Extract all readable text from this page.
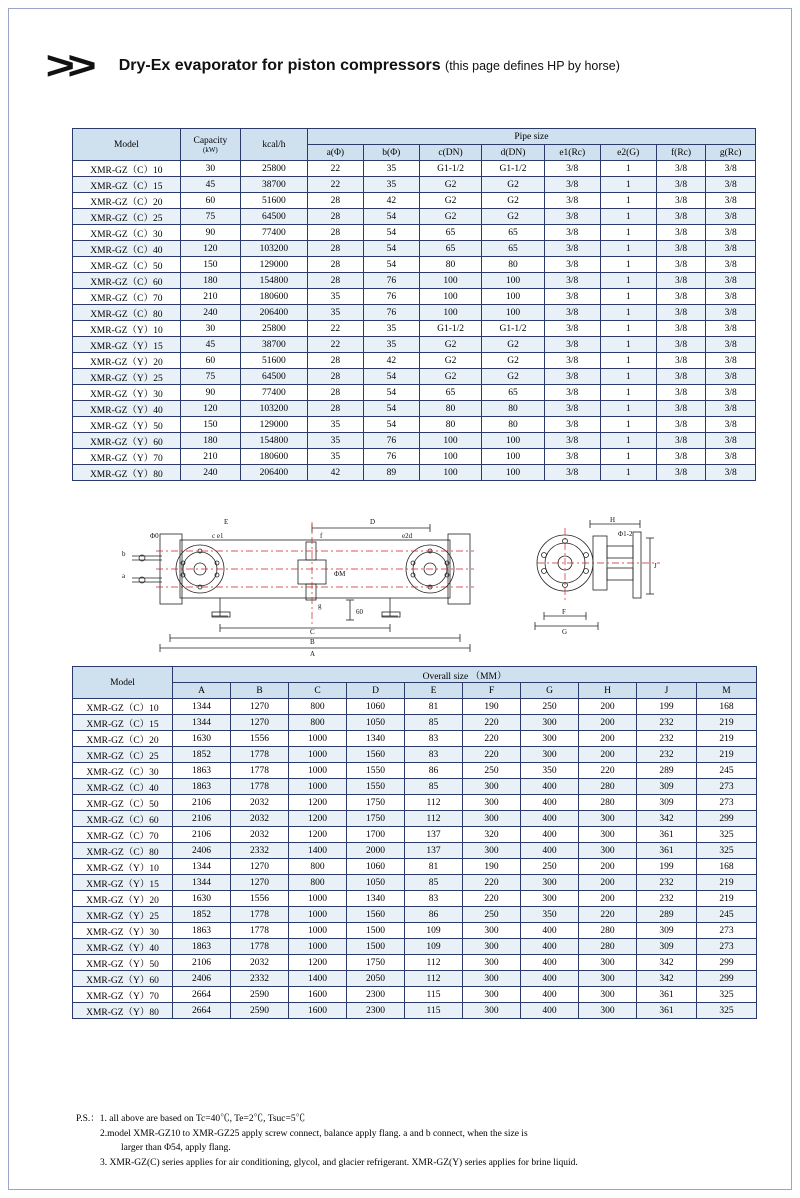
>> Dry-Ex evaporator for piston compressors (this page defines HP by horse)
Model	Capacity
(kW)	kcal/h	Pipe size							
			a(Φ)	b(Φ)	c(DN)	d(DN)	e1(Rc)	e2(G)	f(Rc)	g(Rc)
XMR-GZ（C）10	30	25800	22	35	G1-1/2	G1-1/2	3/8	1	3/8	3/8
XMR-GZ（C）15	45	38700	22	35	G2	G2	3/8	1	3/8	3/8
XMR-GZ（C）20	60	51600	28	42	G2	G2	3/8	1	3/8	3/8
XMR-GZ（C）25	75	64500	28	54	G2	G2	3/8	1	3/8	3/8
XMR-GZ（C）30	90	77400	28	54	65	65	3/8	1	3/8	3/8
XMR-GZ（C）40	120	103200	28	54	65	65	3/8	1	3/8	3/8
XMR-GZ（C）50	150	129000	28	54	80	80	3/8	1	3/8	3/8
XMR-GZ（C）60	180	154800	28	76	100	100	3/8	1	3/8	3/8
XMR-GZ（C）70	210	180600	35	76	100	100	3/8	1	3/8	3/8
XMR-GZ（C）80	240	206400	35	76	100	100	3/8	1	3/8	3/8
XMR-GZ（Y）10	30	25800	22	35	G1-1/2	G1-1/2	3/8	1	3/8	3/8
XMR-GZ（Y）15	45	38700	22	35	G2	G2	3/8	1	3/8	3/8
XMR-GZ（Y）20	60	51600	28	42	G2	G2	3/8	1	3/8	3/8
XMR-GZ（Y）25	75	64500	28	54	G2	G2	3/8	1	3/8	3/8
XMR-GZ（Y）30	90	77400	28	54	65	65	3/8	1	3/8	3/8
XMR-GZ（Y）40	120	103200	28	54	80	80	3/8	1	3/8	3/8
XMR-GZ（Y）50	150	129000	35	54	80	80	3/8	1	3/8	3/8
XMR-GZ（Y）60	180	154800	35	76	100	100	3/8	1	3/8	3/8
XMR-GZ（Y）70	210	180600	35	76	100	100	3/8	1	3/8	3/8
XMR-GZ（Y）80	240	206400	42	89	100	100	3/8	1	3/8	3/8
E	D
f	e2d
c e1
Φ0
b
a	ΦM
g
60
C
B
A
F
G
J
H
Φ1-2
Model	Overall size （MM）									
	A	B	C	D	E	F	G	H	J	M
XMR-GZ（C）10	1344	1270	800	1060	81	190	250	200	199	168
XMR-GZ（C）15	1344	1270	800	1050	85	220	300	200	232	219
XMR-GZ（C）20	1630	1556	1000	1340	83	220	300	200	232	219
XMR-GZ（C）25	1852	1778	1000	1560	83	220	300	200	232	219
XMR-GZ（C）30	1863	1778	1000	1550	86	250	350	220	289	245
XMR-GZ（C）40	1863	1778	1000	1550	85	300	400	280	309	273
XMR-GZ（C）50	2106	2032	1200	1750	112	300	400	280	309	273
XMR-GZ（C）60	2106	2032	1200	1750	112	300	400	300	342	299
XMR-GZ（C）70	2106	2032	1200	1700	137	320	400	300	361	325
XMR-GZ（C）80	2406	2332	1400	2000	137	300	400	300	361	325
XMR-GZ（Y）10	1344	1270	800	1060	81	190	250	200	199	168
XMR-GZ（Y）15	1344	1270	800	1050	85	220	300	200	232	219
XMR-GZ（Y）20	1630	1556	1000	1340	83	220	300	200	232	219
XMR-GZ（Y）25	1852	1778	1000	1560	86	250	350	220	289	245
XMR-GZ（Y）30	1863	1778	1000	1500	109	300	400	280	309	273
XMR-GZ（Y）40	1863	1778	1000	1500	109	300	400	280	309	273
XMR-GZ（Y）50	2106	2032	1200	1750	112	300	400	300	342	299
XMR-GZ（Y）60	2406	2332	1400	2050	112	300	400	300	342	299
XMR-GZ（Y）70	2664	2590	1600	2300	115	300	400	300	361	325
XMR-GZ（Y）80	2664	2590	1600	2300	115	300	400	300	361	325
P.S.：1. all above are based on Tc=40℃, Te=2℃, Tsuc=5℃
2.model XMR-GZ10 to XMR-GZ25 apply screw connect, balance apply flang. a and b connect, when the size is
larger than Φ54, apply flang.
3. XMR-GZ(C) series applies for air conditioning, glycol, and glacier refrigerant. XMR-GZ(Y) series applies for brine liquid.
